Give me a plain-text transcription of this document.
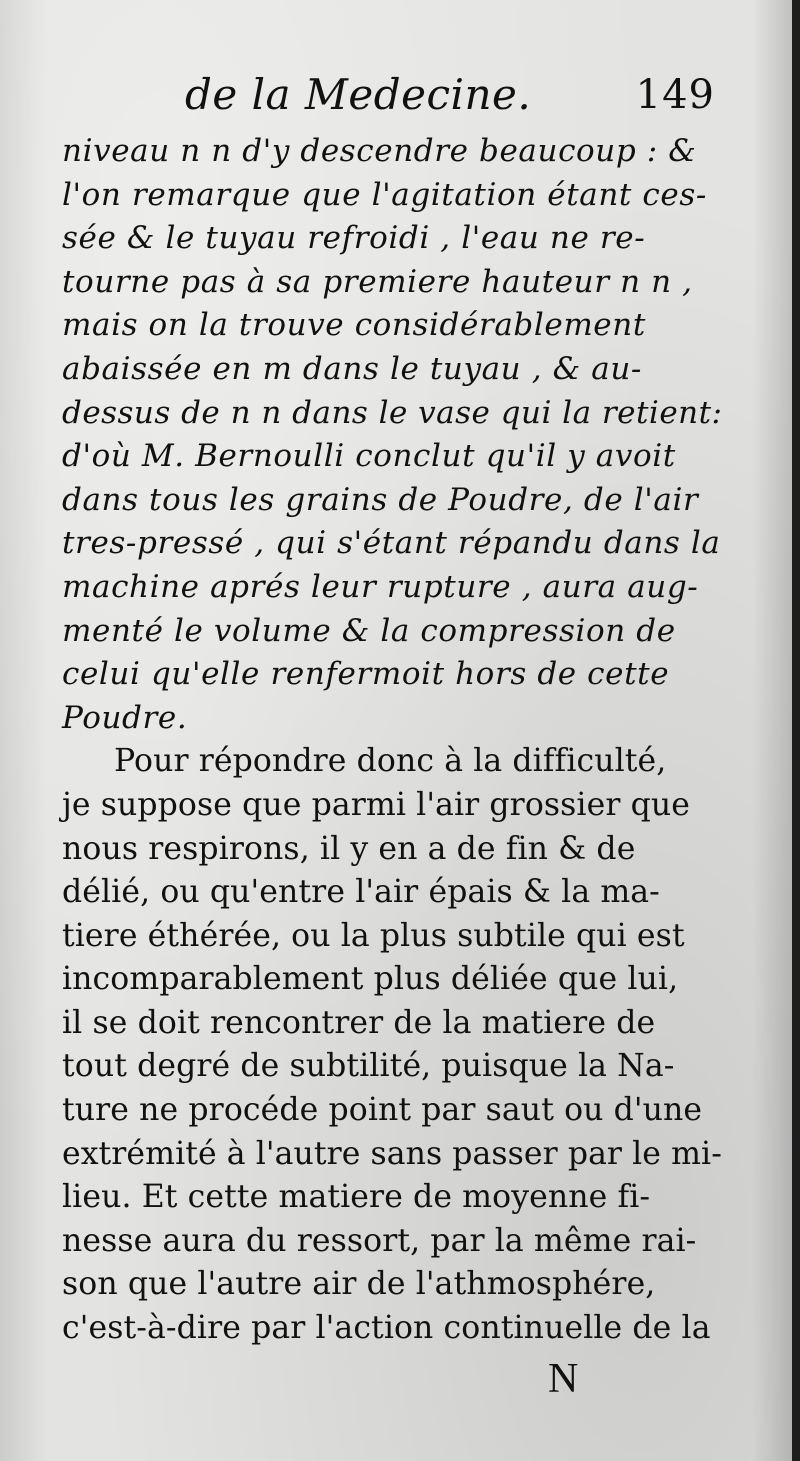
de la Medecine.	149
niveau n n d'y descendre beaucoup : &
l'on remarque que l'agitation étant ces-
sée & le tuyau refroidi , l'eau ne re-
tourne pas à sa premiere hauteur n n ,
mais on la trouve considérablement
abaissée en m dans le tuyau , & au-
dessus de n n dans le vase qui la retient:
d'où M. Bernoulli conclut qu'il y avoit
dans tous les grains de Poudre, de l'air
tres-pressé , qui s'étant répandu dans la
machine aprés leur rupture , aura aug-
menté le volume & la compression de
celui qu'elle renfermoit hors de cette
Poudre.
Pour répondre donc à la difficulté,
je suppose que parmi l'air grossier que
nous respirons, il y en a de fin & de
délié, ou qu'entre l'air épais & la ma-
tiere éthérée, ou la plus subtile qui est
incomparablement plus déliée que lui,
il se doit rencontrer de la matiere de
tout degré de subtilité, puisque la Na-
ture ne procéde point par saut ou d'une
extrémité à l'autre sans passer par le mi-
lieu. Et cette matiere de moyenne fi-
nesse aura du ressort, par la même rai-
son que l'autre air de l'athmosphére,
c'est-à-dire par l'action continuelle de la
N
